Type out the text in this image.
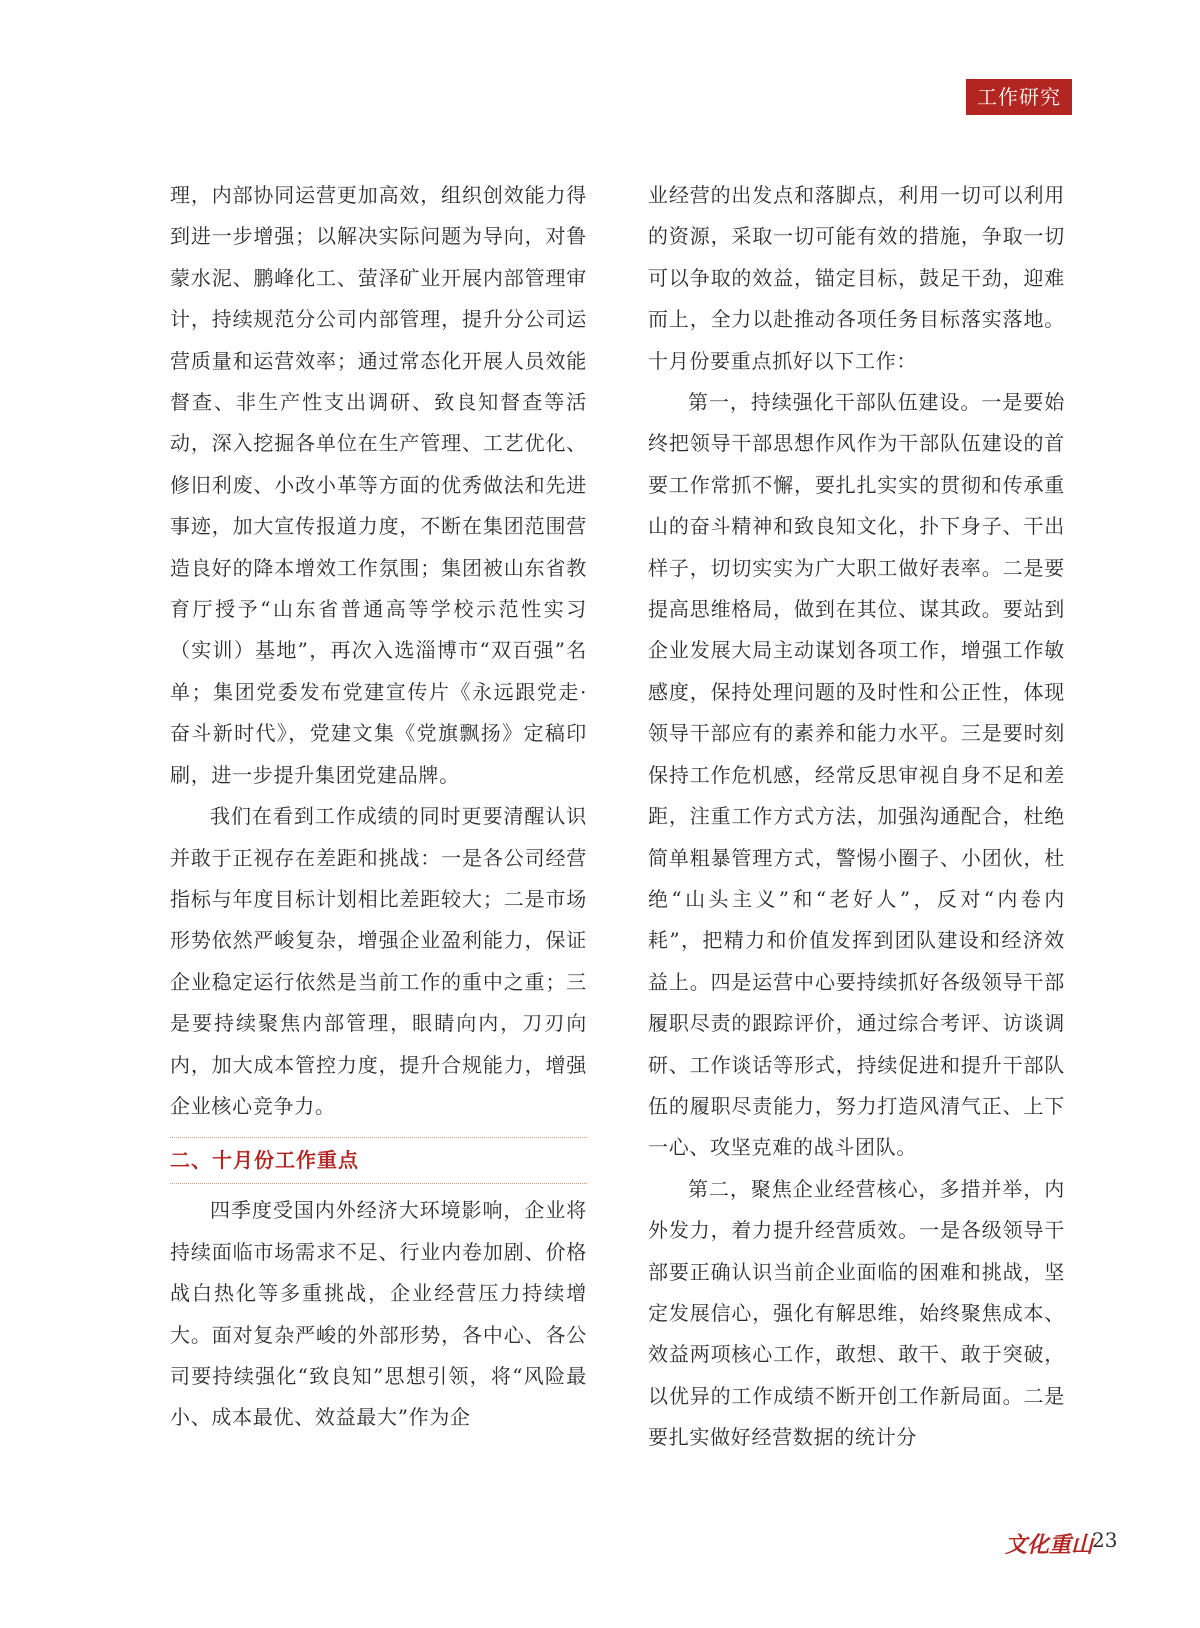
工作研究

理，内部协同运营更加高效，组织创效能力得到进一步增强；以解决实际问题为导向，对鲁蒙水泥、鹏峰化工、萤泽矿业开展内部管理审计，持续规范分公司内部管理，提升分公司运营质量和运营效率；通过常态化开展人员效能督查、非生产性支出调研、致良知督查等活动，深入挖掘各单位在生产管理、工艺优化、修旧利废、小改小革等方面的优秀做法和先进事迹，加大宣传报道力度，不断在集团范围营造良好的降本增效工作氛围；集团被山东省教育厅授予“山东省普通高等学校示范性实习（实训）基地”，再次入选淄博市“双百强”名单；集团党委发布党建宣传片《永远跟党走·奋斗新时代》，党建文集《党旗飘扬》定稿印刷，进一步提升集团党建品牌。

我们在看到工作成绩的同时更要清醒认识并敢于正视存在差距和挑战：一是各公司经营指标与年度目标计划相比差距较大；二是市场形势依然严峻复杂，增强企业盈利能力，保证企业稳定运行依然是当前工作的重中之重；三是要持续聚焦内部管理，眼睛向内，刀刃向内，加大成本管控力度，提升合规能力，增强企业核心竞争力。

二、十月份工作重点

四季度受国内外经济大环境影响，企业将持续面临市场需求不足、行业内卷加剧、价格战白热化等多重挑战，企业经营压力持续增大。面对复杂严峻的外部形势，各中心、各公司要持续强化“致良知”思想引领，将“风险最小、成本最优、效益最大”作为企

业经营的出发点和落脚点，利用一切可以利用的资源，采取一切可能有效的措施，争取一切可以争取的效益，锚定目标，鼓足干劲，迎难而上，全力以赴推动各项任务目标落实落地。十月份要重点抓好以下工作：

第一，持续强化干部队伍建设。一是要始终把领导干部思想作风作为干部队伍建设的首要工作常抓不懈，要扎扎实实的贯彻和传承重山的奋斗精神和致良知文化，扑下身子、干出样子，切切实实为广大职工做好表率。二是要提高思维格局，做到在其位、谋其政。要站到企业发展大局主动谋划各项工作，增强工作敏感度，保持处理问题的及时性和公正性，体现领导干部应有的素养和能力水平。三是要时刻保持工作危机感，经常反思审视自身不足和差距，注重工作方式方法，加强沟通配合，杜绝简单粗暴管理方式，警惕小圈子、小团伙，杜绝“山头主义”和“老好人”，反对“内卷内耗”，把精力和价值发挥到团队建设和经济效益上。四是运营中心要持续抓好各级领导干部履职尽责的跟踪评价，通过综合考评、访谈调研、工作谈话等形式，持续促进和提升干部队伍的履职尽责能力，努力打造风清气正、上下一心、攻坚克难的战斗团队。

第二，聚焦企业经营核心，多措并举，内外发力，着力提升经营质效。一是各级领导干部要正确认识当前企业面临的困难和挑战，坚定发展信心，强化有解思维，始终聚焦成本、效益两项核心工作，敢想、敢干、敢于突破，以优异的工作成绩不断开创工作新局面。二是要扎实做好经营数据的统计分

文化重山
23
